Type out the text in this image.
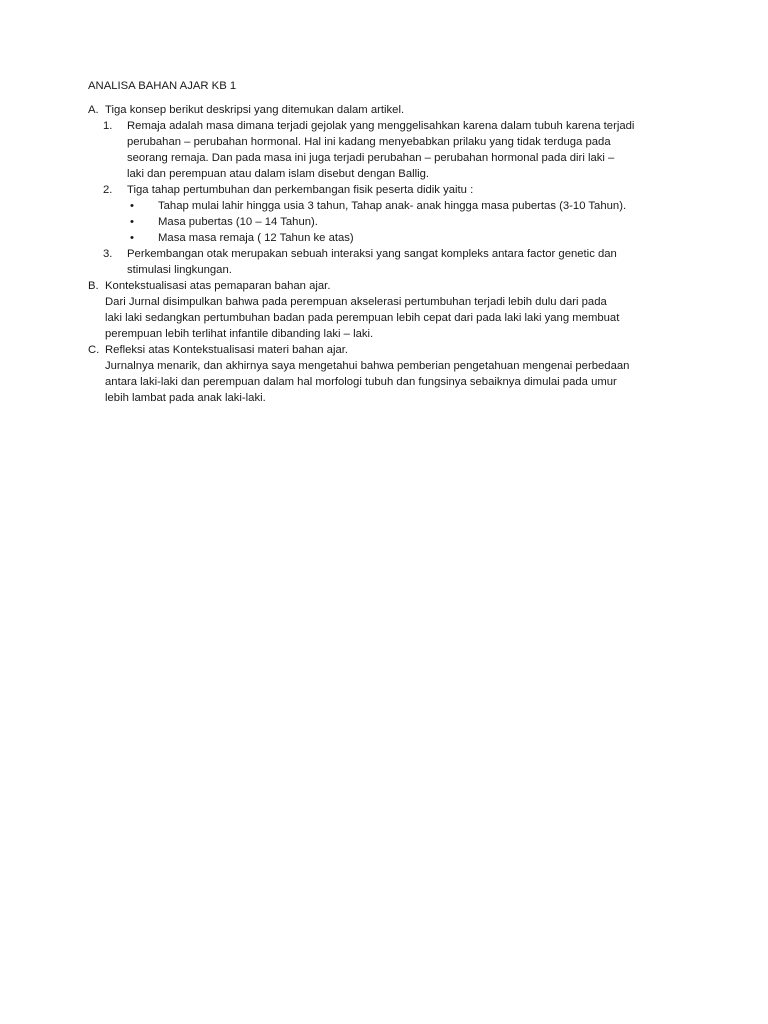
ANALISA BAHAN AJAR KB 1
A. Tiga konsep berikut deskripsi yang ditemukan dalam artikel.
1. Remaja adalah masa dimana terjadi gejolak yang menggelisahkan karena dalam tubuh karena terjadi
perubahan – perubahan hormonal. Hal ini kadang menyebabkan prilaku yang tidak terduga pada
seorang remaja. Dan pada masa ini juga terjadi perubahan – perubahan hormonal pada diri laki –
laki dan perempuan atau dalam islam disebut dengan Ballig.
2. Tiga tahap pertumbuhan dan perkembangan fisik peserta didik yaitu :
• Tahap mulai lahir hingga usia 3 tahun, Tahap anak- anak hingga masa pubertas (3-10 Tahun).
• Masa pubertas (10 – 14 Tahun).
• Masa masa remaja ( 12 Tahun ke atas)
3. Perkembangan otak merupakan sebuah interaksi yang sangat kompleks antara factor genetic dan
stimulasi lingkungan.
B. Kontekstualisasi atas pemaparan bahan ajar.
Dari Jurnal disimpulkan bahwa pada perempuan akselerasi pertumbuhan terjadi lebih dulu dari pada
laki laki sedangkan pertumbuhan badan pada perempuan lebih cepat dari pada laki laki yang membuat
perempuan lebih terlihat infantile dibanding laki – laki.
C. Refleksi atas Kontekstualisasi materi bahan ajar.
Jurnalnya menarik, dan akhirnya saya mengetahui bahwa pemberian pengetahuan mengenai perbedaan
antara laki-laki dan perempuan dalam hal morfologi tubuh dan fungsinya sebaiknya dimulai pada umur
lebih lambat pada anak laki-laki.
